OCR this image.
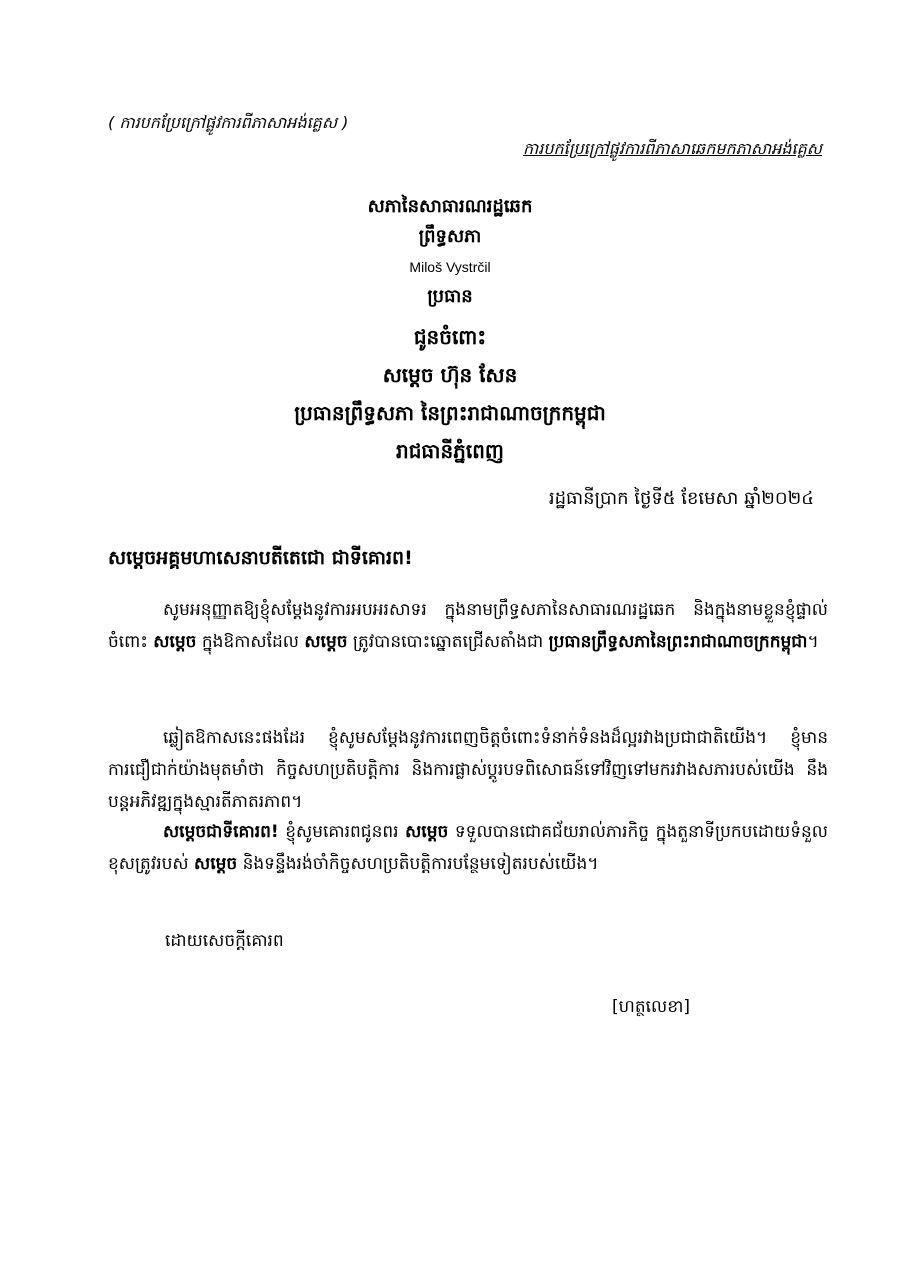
( ការបកប្រែក្រៅផ្លូវការពីភាសាអង់គ្លេស )
ការបកប្រែក្រៅផ្លូវការពីភាសាឆេកមកភាសាអង់គ្លេស
សភានៃសាធារណរដ្ឋឆេក
ព្រឹទ្ធសភា
Miloš Vystrčil
ប្រធាន
ជូនចំពោះ
សម្តេច ហ៊ុន សែន
ប្រធានព្រឹទ្ធសភា នៃព្រះរាជាណាចក្រកម្ពុជា
រាជធានីភ្នំពេញ
រដ្ឋធានីប្រាក ថ្ងៃទី៥ ខែមេសា ឆ្នាំ២០២៤
សម្តេចអគ្គមហាសេនាបតីតេជោ ជាទីគោរព!

សូមអនុញ្ញាតឱ្យខ្ញុំសម្តែងនូវការអបអរសាទរ ក្នុងនាមព្រឹទ្ធសភានៃសាធារណរដ្ឋឆេក និងក្នុងនាមខ្លួនខ្ញុំផ្ទាល់ ចំពោះ សម្តេច ក្នុងឱកាសដែល សម្តេច ត្រូវបានបោះឆ្នោតជ្រើសតាំងជា ប្រធានព្រឹទ្ធសភានៃព្រះរាជាណាចក្រកម្ពុជា។

ឆ្លៀតឱកាសនេះផងដែរ ខ្ញុំសូមសម្តែងនូវការពេញចិត្តចំពោះទំនាក់ទំនងដ៏ល្អរវាងប្រជាជាតិយើង។ ខ្ញុំមានការជឿជាក់យ៉ាងមុតមាំថា កិច្ចសហប្រតិបត្តិការ និងការផ្លាស់ប្តូរបទពិសោធន៍ទៅវិញទៅមករវាងសភារបស់យើង នឹងបន្តអភិវឌ្ឍក្នុងស្មារតីភាតរភាព។

សម្តេចជាទីគោរព! ខ្ញុំសូមគោរពជូនពរ សម្តេច ទទួលបានជោគជ័យរាល់ភារកិច្ច ក្នុងតួនាទីប្រកបដោយទំនួលខុសត្រូវរបស់ សម្តេច និងទន្ទឹងរង់ចាំកិច្ចសហប្រតិបត្តិការបន្ថែមទៀតរបស់យើង។

ដោយសេចក្តីគោរព
[ហត្ថលេខា]
